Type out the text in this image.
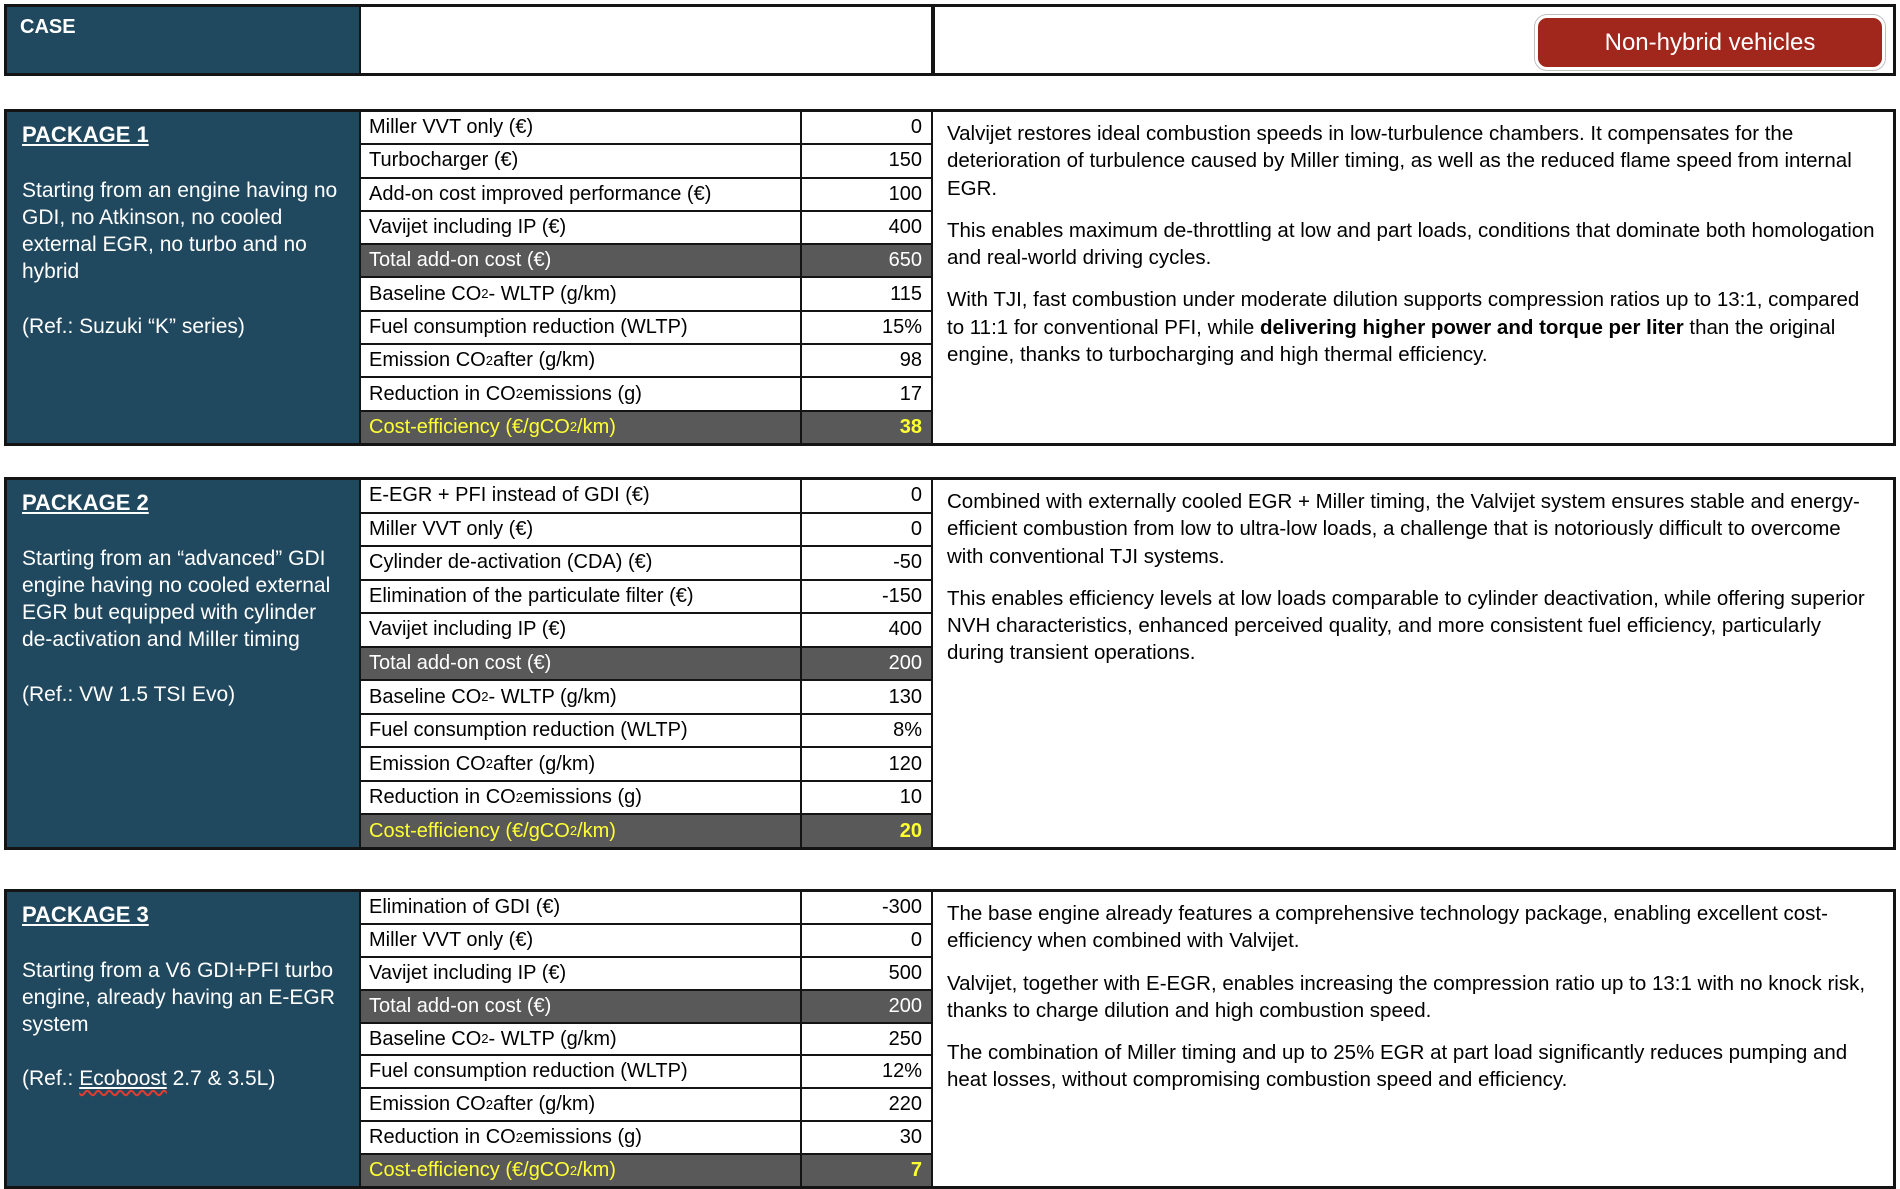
CASE	Initial technology mix
Impact on $CO_2$ emission and cost (€)
Remarks	Non-hybrid vehicles

PACKAGE 1

Starting from an engine having no GDI, no Atkinson, no cooled external EGR, no turbo and no hybrid

(Ref.: Suzuki “K” series)

Miller VVT only (€)	0
Turbocharger (€)	150
Add-on cost improved performance (€)	100
Vavijet including IP (€)	400
Total add-on cost (€)	650
Baseline CO 2 - WLTP (g/km)	115
Fuel consumption reduction (WLTP)	15%
Emission CO 2 after (g/km)	98
Reduction in CO 2 emissions (g)	17
Cost-efficiency (€/gCO 2 /km)	38

Valvijet restores ideal combustion speeds in low-turbulence chambers. It compensates for the deterioration of turbulence caused by Miller timing, as well as the reduced flame speed from internal EGR.

This enables maximum de-throttling at low and part loads, conditions that dominate both homologation and real-world driving cycles.

With TJI, fast combustion under moderate dilution supports compression ratios up to 13:1, compared to 11:1 for conventional PFI, while delivering higher power and torque per liter than the original engine, thanks to turbocharging and high thermal efficiency.

PACKAGE 2

Starting from an “advanced” GDI engine having no cooled external EGR but equipped with cylinder de-activation and Miller timing

(Ref.: VW 1.5 TSI Evo)

E-EGR + PFI instead of GDI (€)	0
Miller VVT only (€)	0
Cylinder de-activation (CDA) (€)	-50
Elimination of the particulate filter (€)	-150
Vavijet including IP (€)	400
Total add-on cost (€)	200
Baseline CO 2 - WLTP (g/km)	130
Fuel consumption reduction (WLTP)	8%
Emission CO 2 after (g/km)	120
Reduction in CO 2 emissions (g)	10
Cost-efficiency (€/gCO 2 /km)	20

Combined with externally cooled EGR + Miller timing, the Valvijet system ensures stable and energy-efficient combustion from low to ultra-low loads, a challenge that is notoriously difficult to overcome with conventional TJI systems.

This enables efficiency levels at low loads comparable to cylinder deactivation, while offering superior NVH characteristics, enhanced perceived quality, and more consistent fuel efficiency, particularly during transient operations.

PACKAGE 3

Starting from a V6 GDI+PFI turbo engine, already having an E-EGR system

(Ref.: Ecoboost 2.7 & 3.5L)

Elimination of GDI (€)	-300
Miller VVT only (€)	0
Vavijet including IP (€)	500
Total add-on cost (€)	200
Baseline CO 2 - WLTP (g/km)	250
Fuel consumption reduction (WLTP)	12%
Emission CO 2 after (g/km)	220
Reduction in CO 2 emissions (g)	30
Cost-efficiency (€/gCO 2 /km)	7

The base engine already features a comprehensive technology package, enabling excellent cost-efficiency when combined with Valvijet.

Valvijet, together with E-EGR, enables increasing the compression ratio up to 13:1 with no knock risk, thanks to charge dilution and high combustion speed.

The combination of Miller timing and up to 25% EGR at part load significantly reduces pumping and heat losses, without compromising combustion speed and efficiency.
